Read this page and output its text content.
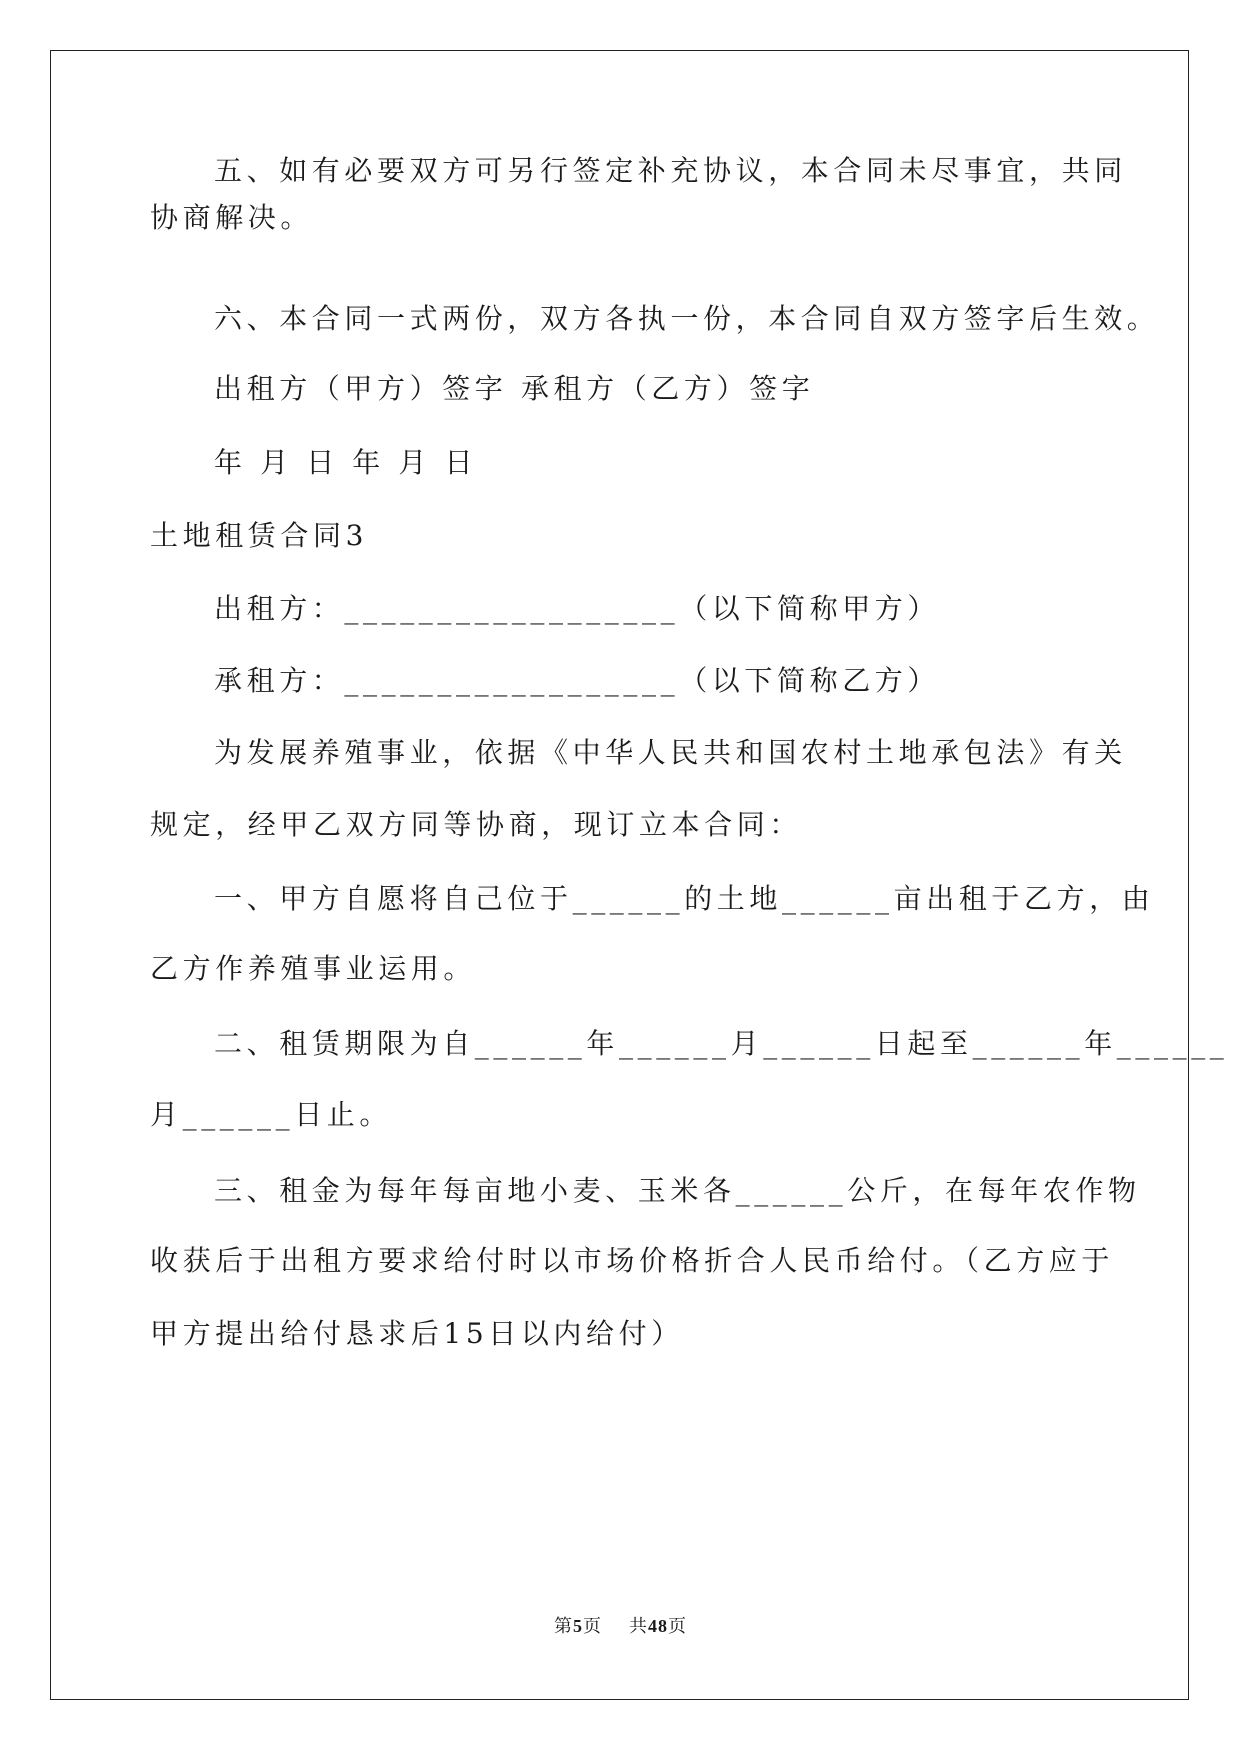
五、如有必要双方可另行签定补充协议，本合同未尽事宜，共同
协商解决。
六、本合同一式两份，双方各执一份，本合同自双方签字后生效。
出租方（甲方）签字 承租方（乙方）签字
年 月 日 年 月 日
土地租赁合同3
出租方：__________________（以下简称甲方）
承租方：__________________（以下简称乙方）
为发展养殖事业，依据《中华人民共和国农村土地承包法》有关
规定，经甲乙双方同等协商，现订立本合同：
一、甲方自愿将自己位于______的土地______亩出租于乙方，由
乙方作养殖事业运用。
二、租赁期限为自______年______月______日起至______年______
月______日止。
三、租金为每年每亩地小麦、玉米各______公斤，在每年农作物
收获后于出租方要求给付时以市场价格折合人民币给付。（乙方应于
甲方提出给付恳求后15日以内给付）
第5页 共48页
